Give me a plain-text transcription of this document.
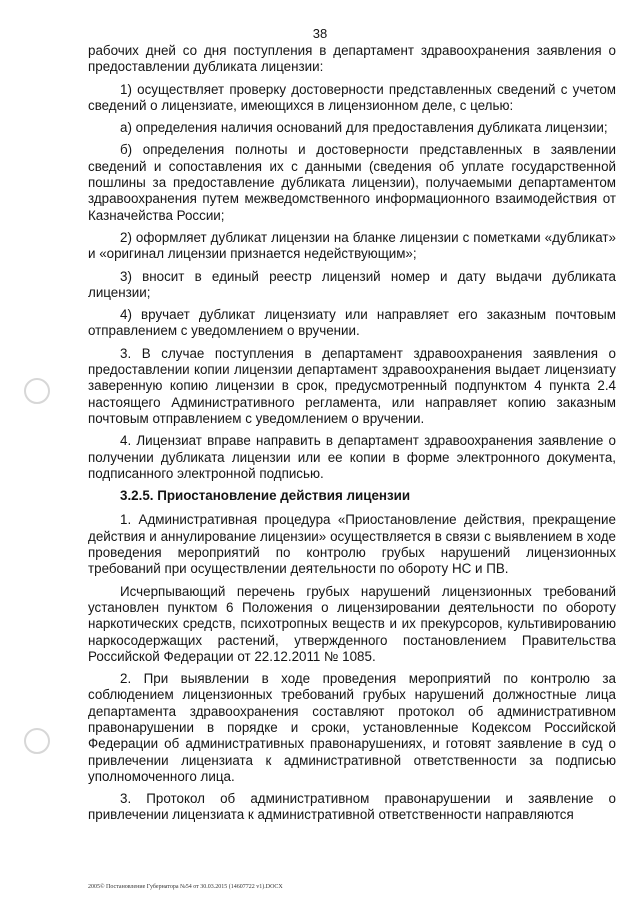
38

рабочих дней со дня поступления в департамент здравоохранения заявления о предоставлении дубликата лицензии:

1) осуществляет проверку достоверности представленных сведений с учетом сведений о лицензиате, имеющихся в лицензионном деле, с целью:

а) определения наличия оснований для предоставления дубликата лицензии;

б) определения полноты и достоверности представленных в заявлении сведений и сопоставления их с данными (сведения об уплате государственной пошлины за предоставление дубликата лицензии), получаемыми департаментом здравоохранения путем межведомственного информационного взаимодействия от Казначейства России;

2) оформляет дубликат лицензии на бланке лицензии с пометками «дубликат» и «оригинал лицензии признается недействующим»;

3) вносит в единый реестр лицензий номер и дату выдачи дубликата лицензии;

4) вручает дубликат лицензиату или направляет его заказным почтовым отправлением с уведомлением о вручении.

3. В случае поступления в департамент здравоохранения заявления о предоставлении копии лицензии департамент здравоохранения выдает лицензиату заверенную копию лицензии в срок, предусмотренный подпунктом 4 пункта 2.4 настоящего Административного регламента, или направляет копию заказным почтовым отправлением с уведомлением о вручении.

4. Лицензиат вправе направить в департамент здравоохранения заявление о получении дубликата лицензии или ее копии в форме электронного документа, подписанного электронной подписью.

3.2.5. Приостановление действия лицензии

1. Административная процедура «Приостановление действия, прекращение действия и аннулирование лицензии» осуществляется в связи с выявлением в ходе проведения мероприятий по контролю грубых нарушений лицензионных требований при осуществлении деятельности по обороту НС и ПВ.

Исчерпывающий перечень грубых нарушений лицензионных требований установлен пунктом 6 Положения о лицензировании деятельности по обороту наркотических средств, психотропных веществ и их прекурсоров, культивированию наркосодержащих растений, утвержденного постановлением Правительства Российской Федерации от 22.12.2011 № 1085.

2. При выявлении в ходе проведения мероприятий по контролю за соблюдением лицензионных требований грубых нарушений должностные лица департамента здравоохранения составляют протокол об административном правонарушении в порядке и сроки, установленные Кодексом Российской Федерации об административных правонарушениях, и готовят заявление в суд о привлечении лицензиата к административной ответственности за подписью уполномоченного лица.

3. Протокол об административном правонарушении и заявление о привлечении лицензиата к административной ответственности направляются

2005© Постановление Губернатора №54 от 30.03.2015 (14607722 v1).DOCX
